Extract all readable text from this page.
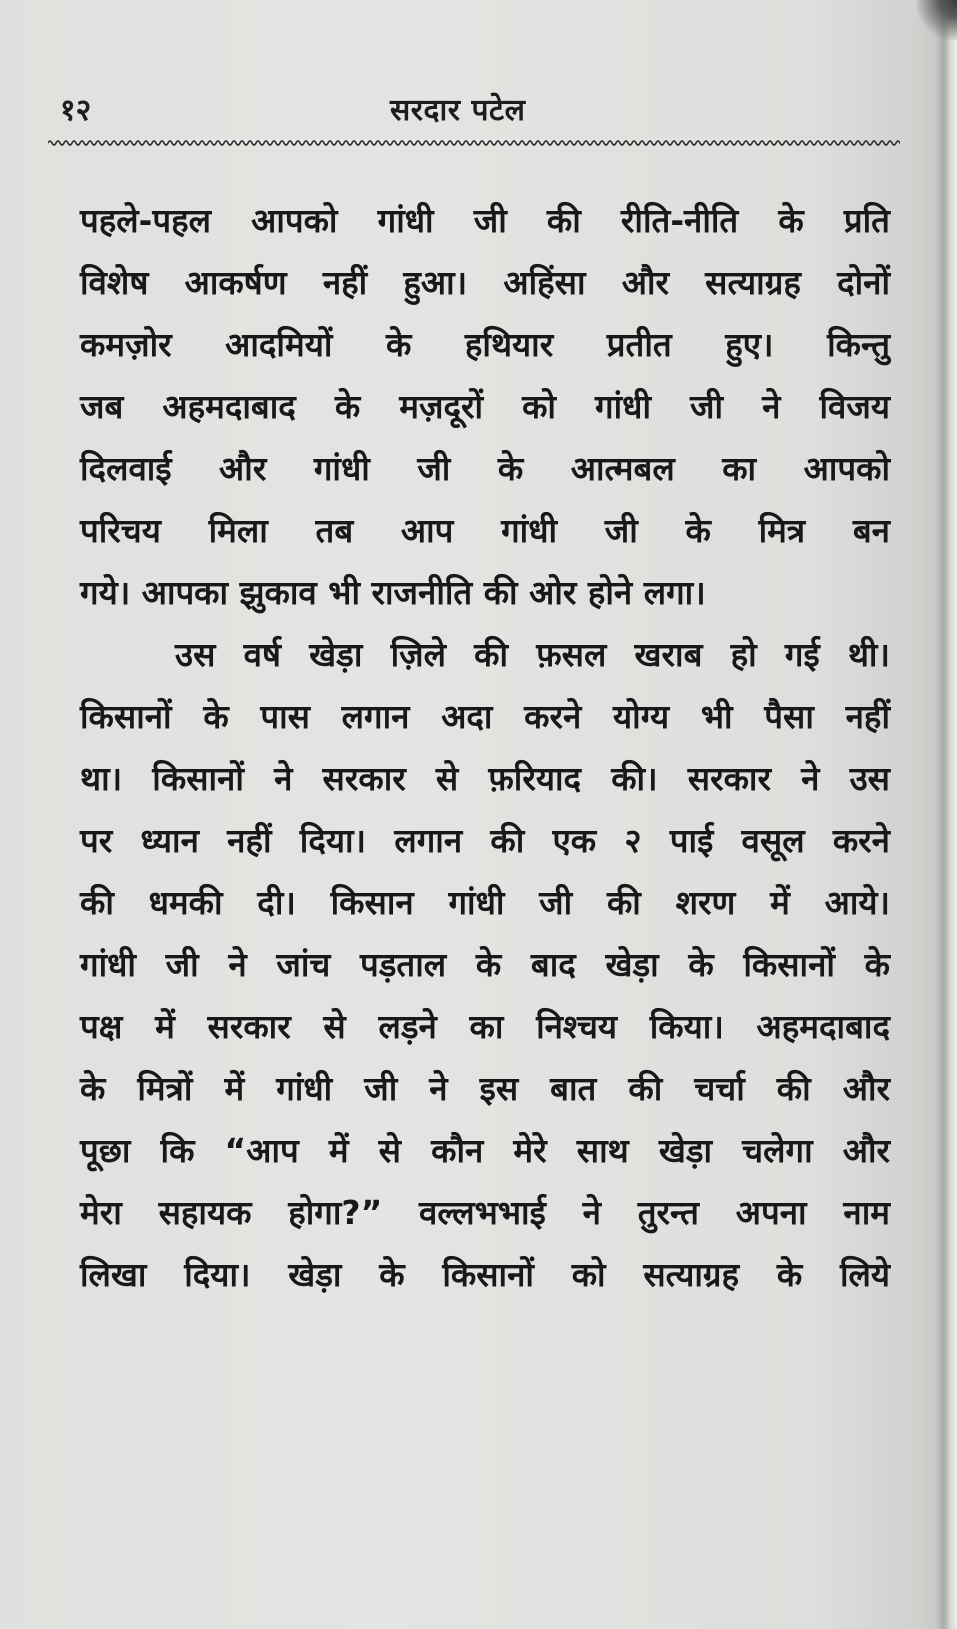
१२	सरदार पटेल
पहले-पहल आपको गांधी जी की रीति-नीति के प्रति
विशेष आकर्षण नहीं हुआ। अहिंसा और सत्याग्रह दोनों
कमज़ोर आदमियों के हथियार प्रतीत हुए। किन्तु
जब अहमदाबाद के मज़दूरों को गांधी जी ने विजय
दिलवाई और गांधी जी के आत्मबल का आपको
परिचय मिला तब आप गांधी जी के मित्र बन
गये। आपका झुकाव भी राजनीति की ओर होने लगा।
उस वर्ष खेड़ा ज़िले की फ़सल खराब हो गई थी।
किसानों के पास लगान अदा करने योग्य भी पैसा नहीं
था। किसानों ने सरकार से फ़रियाद की। सरकार ने उस
पर ध्यान नहीं दिया। लगान की एक २ पाई वसूल करने
की धमकी दी। किसान गांधी जी की शरण में आये।
गांधी जी ने जांच पड़ताल के बाद खेड़ा के किसानों के
पक्ष में सरकार से लड़ने का निश्चय किया। अहमदाबाद
के मित्रों में गांधी जी ने इस बात की चर्चा की और
पूछा कि “आप में से कौन मेरे साथ खेड़ा चलेगा और
मेरा सहायक होगा?” वल्लभभाई ने तुरन्त अपना नाम
लिखा दिया। खेड़ा के किसानों को सत्याग्रह के लिये
